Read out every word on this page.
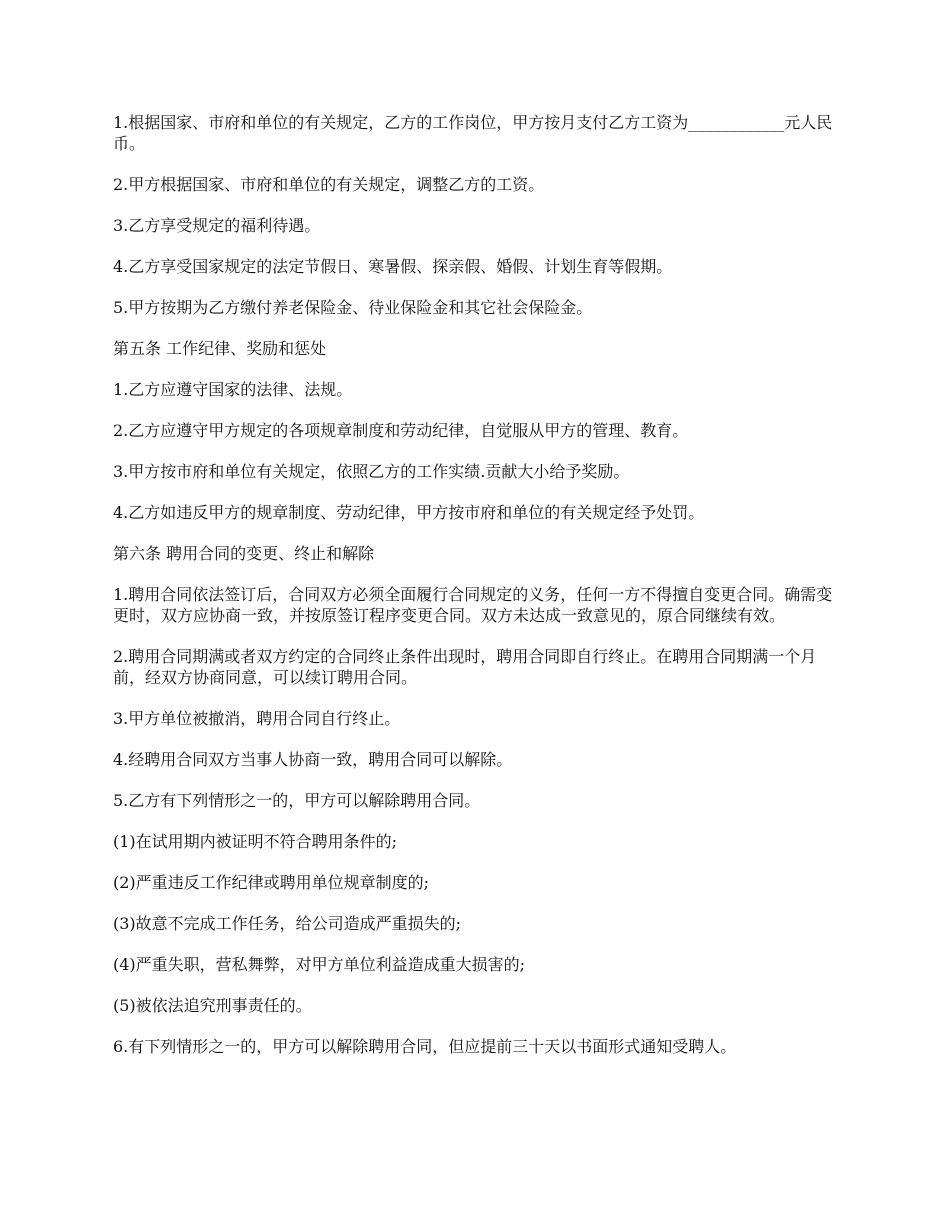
1.根据国家、市府和单位的有关规定，乙方的工作岗位，甲方按月支付乙方工资为____________元人民币。

2.甲方根据国家、市府和单位的有关规定，调整乙方的工资。

3.乙方享受规定的福利待遇。

4.乙方享受国家规定的法定节假日、寒暑假、探亲假、婚假、计划生育等假期。

5.甲方按期为乙方缴付养老保险金、待业保险金和其它社会保险金。

第五条 工作纪律、奖励和惩处

1.乙方应遵守国家的法律、法规。

2.乙方应遵守甲方规定的各项规章制度和劳动纪律，自觉服从甲方的管理、教育。

3.甲方按市府和单位有关规定，依照乙方的工作实绩.贡献大小给予奖励。

4.乙方如违反甲方的规章制度、劳动纪律，甲方按市府和单位的有关规定经予处罚。

第六条 聘用合同的变更、终止和解除

1.聘用合同依法签订后，合同双方必须全面履行合同规定的义务，任何一方不得擅自变更合同。确需变更时，双方应协商一致，并按原签订程序变更合同。双方未达成一致意见的，原合同继续有效。

2.聘用合同期满或者双方约定的合同终止条件出现时，聘用合同即自行终止。在聘用合同期满一个月前，经双方协商同意，可以续订聘用合同。

3.甲方单位被撤消，聘用合同自行终止。

4.经聘用合同双方当事人协商一致，聘用合同可以解除。

5.乙方有下列情形之一的，甲方可以解除聘用合同。

(1)在试用期内被证明不符合聘用条件的;

(2)严重违反工作纪律或聘用单位规章制度的;

(3)故意不完成工作任务，给公司造成严重损失的;

(4)严重失职，营私舞弊，对甲方单位利益造成重大损害的;

(5)被依法追究刑事责任的。

6.有下列情形之一的，甲方可以解除聘用合同，但应提前三十天以书面形式通知受聘人。
